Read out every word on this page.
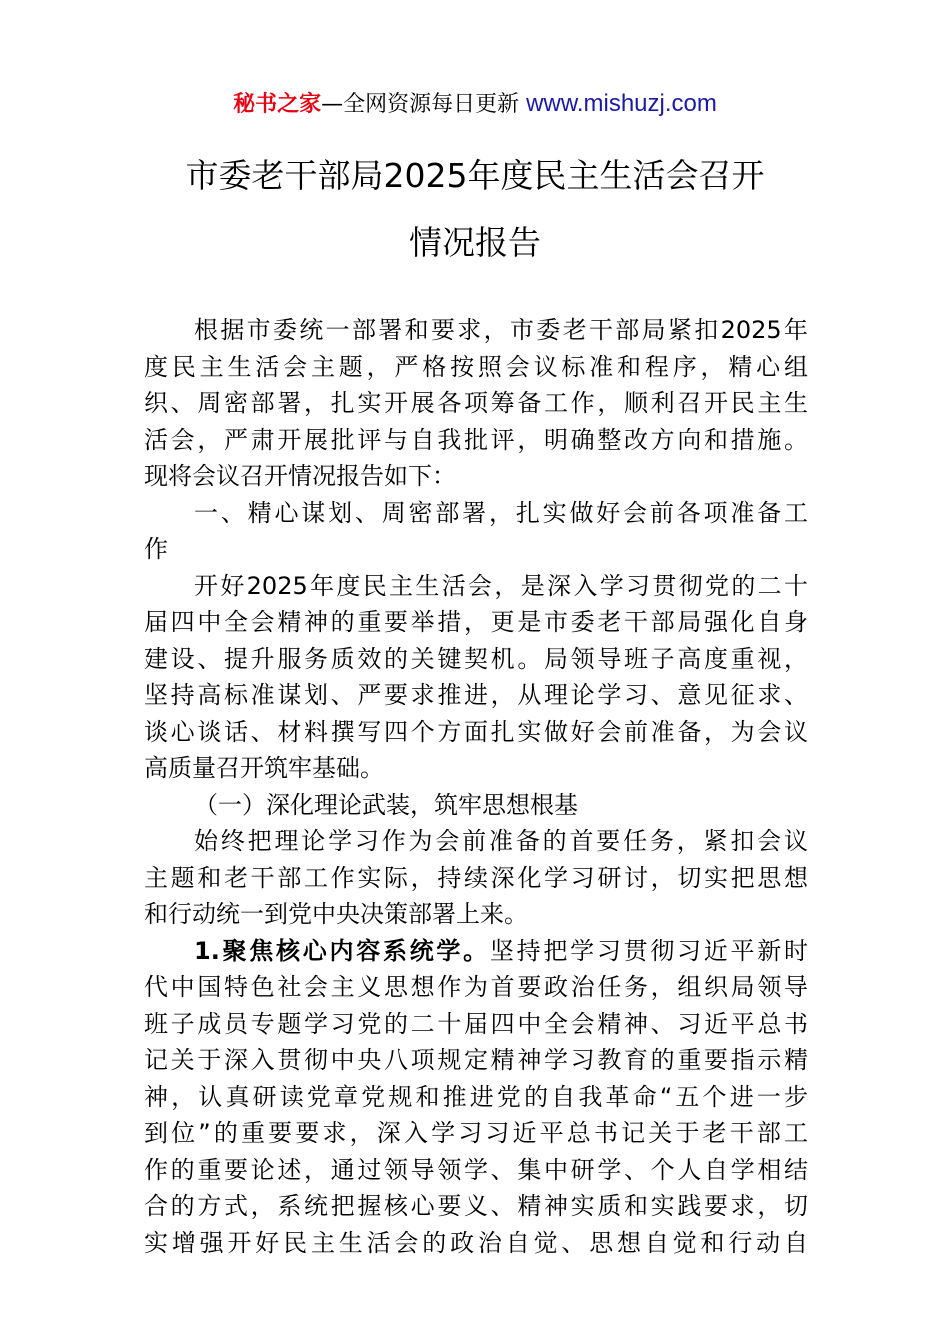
秘书之家—全网资源每日更新 www.mishuzj.com
市委老干部局2025年度民主生活会召开
情况报告
根据市委统一部署和要求，市委老干部局紧扣2025年
度民主生活会主题，严格按照会议标准和程序，精心组
织、周密部署，扎实开展各项筹备工作，顺利召开民主生
活会，严肃开展批评与自我批评，明确整改方向和措施。
现将会议召开情况报告如下：
一、精心谋划、周密部署，扎实做好会前各项准备工
作
开好2025年度民主生活会，是深入学习贯彻党的二十
届四中全会精神的重要举措，更是市委老干部局强化自身
建设、提升服务质效的关键契机。局领导班子高度重视，
坚持高标准谋划、严要求推进，从理论学习、意见征求、
谈心谈话、材料撰写四个方面扎实做好会前准备，为会议
高质量召开筑牢基础。
（一）深化理论武装，筑牢思想根基
始终把理论学习作为会前准备的首要任务，紧扣会议
主题和老干部工作实际，持续深化学习研讨，切实把思想
和行动统一到党中央决策部署上来。
1.聚焦核心内容系统学。坚持把学习贯彻习近平新时
代中国特色社会主义思想作为首要政治任务，组织局领导
班子成员专题学习党的二十届四中全会精神、习近平总书
记关于深入贯彻中央八项规定精神学习教育的重要指示精
神，认真研读党章党规和推进党的自我革命“五个进一步
到位”的重要要求，深入学习习近平总书记关于老干部工
作的重要论述，通过领导领学、集中研学、个人自学相结
合的方式，系统把握核心要义、精神实质和实践要求，切
实增强开好民主生活会的政治自觉、思想自觉和行动自
